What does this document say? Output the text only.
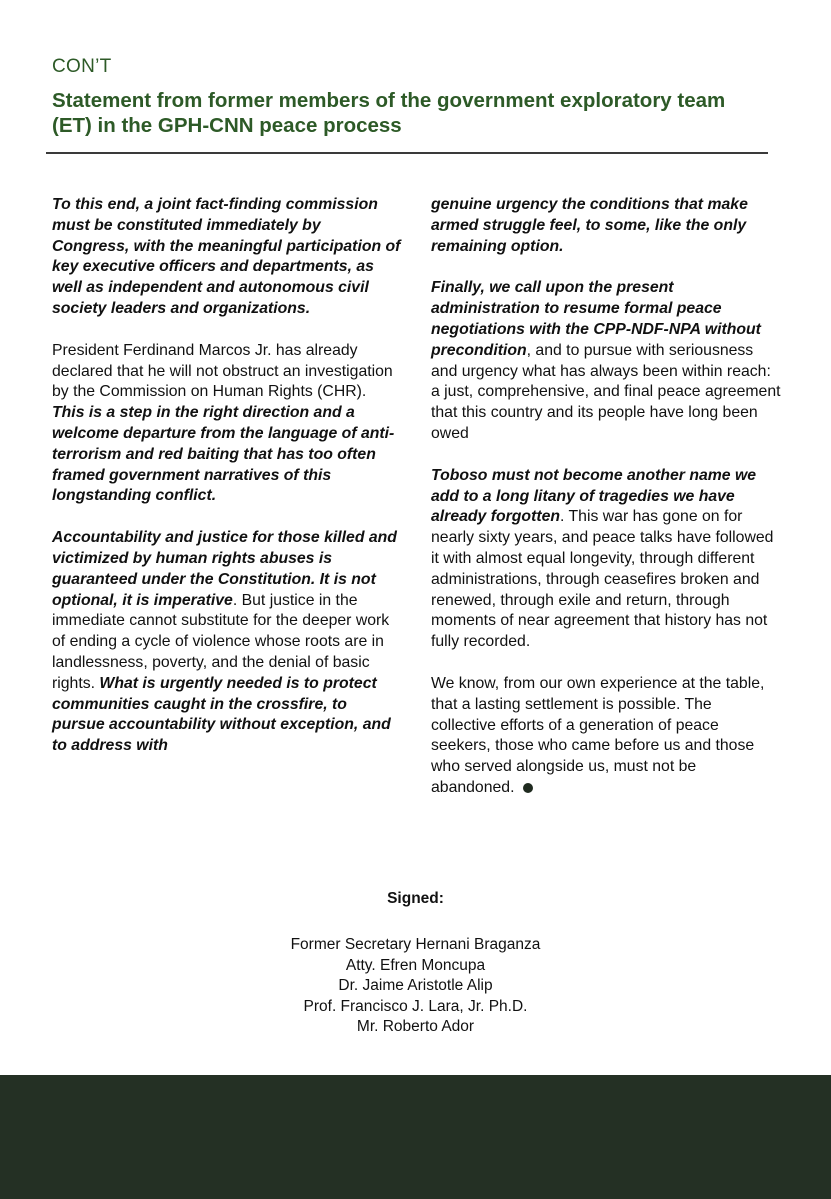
CON’T
Statement from former members of the government exploratory team
(ET) in the GPH-CNN peace process

To this end, a joint fact-finding commission must be constituted immediately by Congress, with the meaningful participation of key executive officers and departments, as well as independent and autonomous civil society leaders and organizations.

President Ferdinand Marcos Jr. has already declared that he will not obstruct an investigation by the Commission on Human Rights (CHR). This is a step in the right direction and a welcome departure from the language of anti-terrorism and red baiting that has too often framed government narratives of this longstanding conflict.

Accountability and justice for those killed and victimized by human rights abuses is guaranteed under the Constitution. It is not optional, it is imperative. But justice in the immediate cannot substitute for the deeper work of ending a cycle of violence whose roots are in landlessness, poverty, and the denial of basic rights. What is urgently needed is to protect communities caught in the crossfire, to pursue accountability without exception, and to address with

genuine urgency the conditions that make armed struggle feel, to some, like the only remaining option.

Finally, we call upon the present administration to resume formal peace negotiations with the CPP-NDF-NPA without precondition, and to pursue with seriousness and urgency what has always been within reach: a just, comprehensive, and final peace agreement that this country and its people have long been owed

Toboso must not become another name we add to a long litany of tragedies we have already forgotten. This war has gone on for nearly sixty years, and peace talks have followed it with almost equal longevity, through different administrations, through ceasefires broken and renewed, through exile and return, through moments of near agreement that history has not fully recorded.

We know, from our own experience at the table, that a lasting settlement is possible. The collective efforts of a generation of peace seekers, those who came before us and those who served alongside us, must not be abandoned.

Signed:
Former Secretary Hernani Braganza
Atty. Efren Moncupa
Dr. Jaime Aristotle Alip
Prof. Francisco J. Lara, Jr. Ph.D.
Mr. Roberto Ador
